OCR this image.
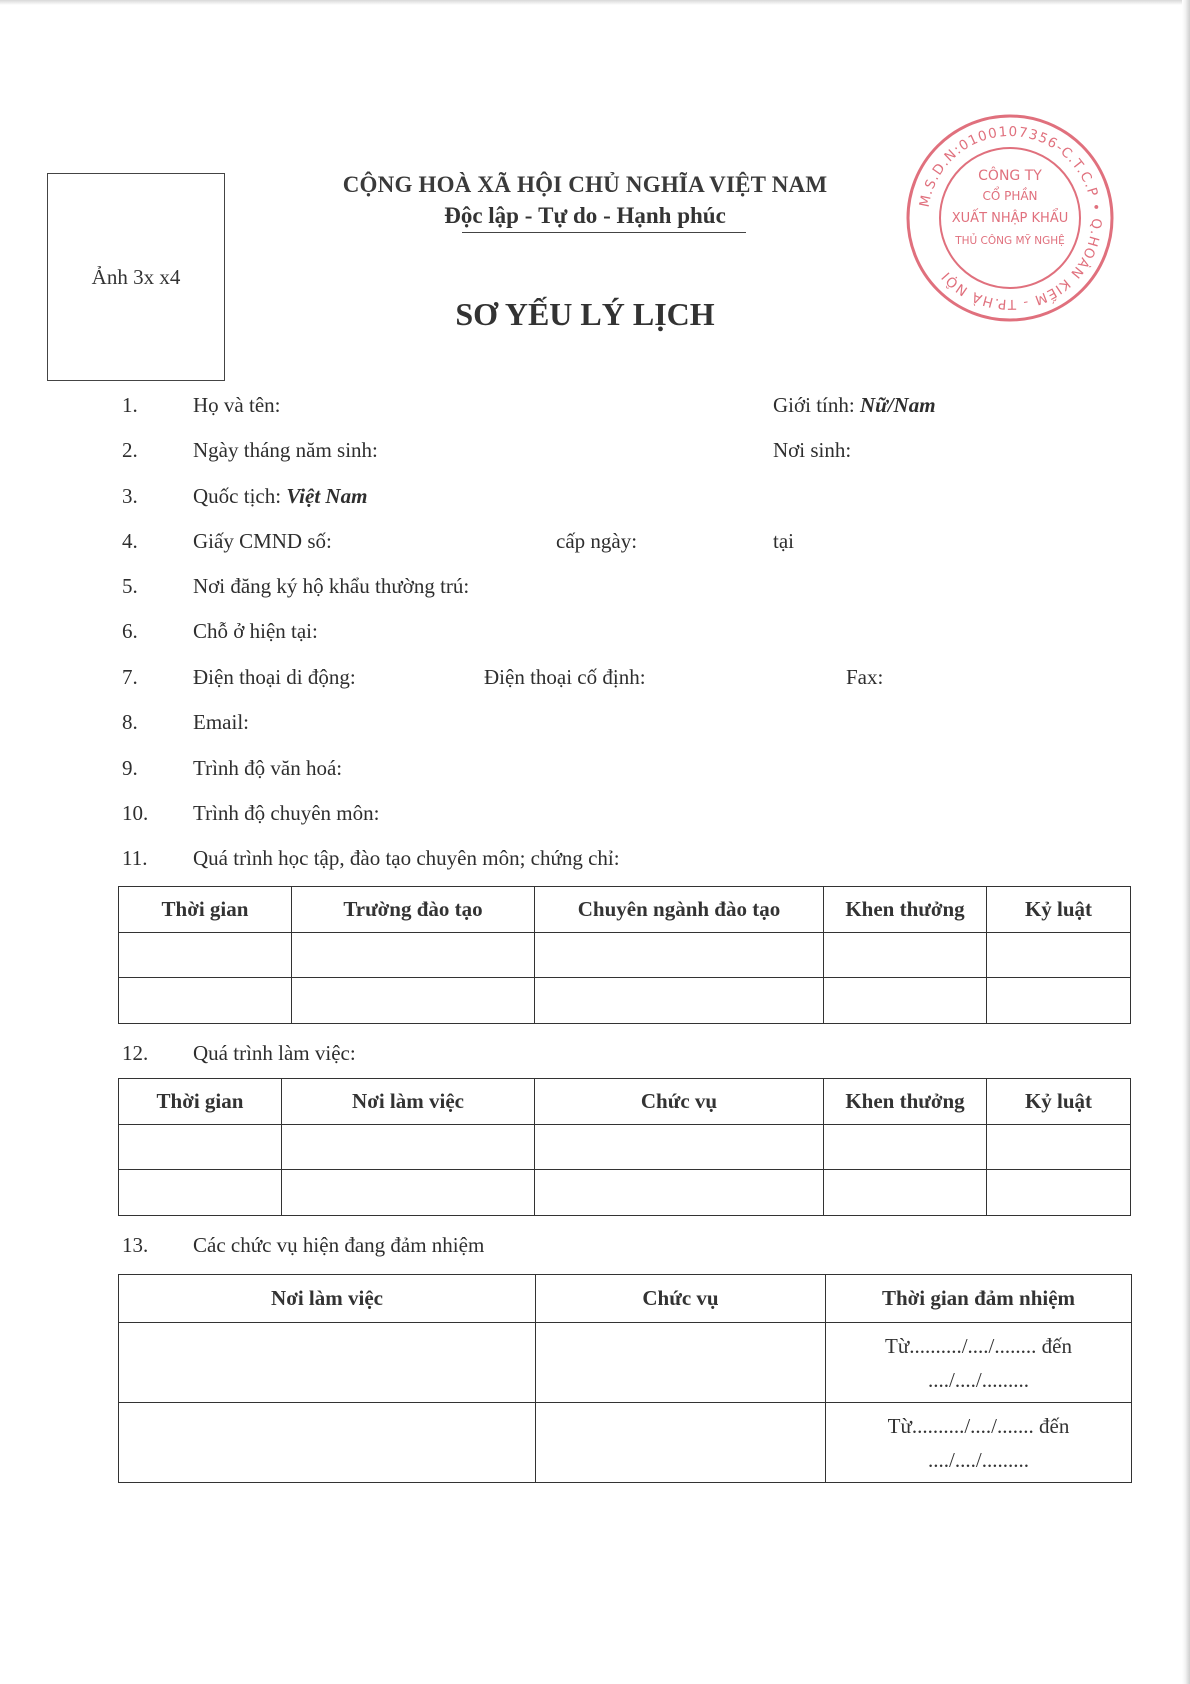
Ảnh 3x x4
CỘNG HOÀ XÃ HỘI CHỦ NGHĨA VIỆT NAM
Độc lập - Tự do - Hạnh phúc
SƠ YẾU LÝ LỊCH
M.S.D.N:0100107356-C.T.C.P • Q.HOÀN KIẾM - TP.HÀ NỘI
CÔNG TY
CỔ PHẦN
XUẤT NHẬP KHẨU
THỦ CÔNG MỸ NGHỆ
1.	Họ và tên:	Giới tính: Nữ/Nam
2.	Ngày tháng năm sinh:	Nơi sinh:
3.	Quốc tịch: Việt Nam
4.	Giấy CMND số:	cấp ngày:	tại
5.	Nơi đăng ký hộ khẩu thường trú:
6.	Chỗ ở hiện tại:
7.	Điện thoại di động:	Điện thoại cố định:	Fax:
8.	Email:
9.	Trình độ văn hoá:
10. Trình độ chuyên môn:
11. Quá trình học tập, đào tạo chuyên môn; chứng chỉ:
Thời gian	Trường đào tạo	Chuyên ngành đào tạo	Khen thưởng	Kỷ luật

12. Quá trình làm việc:
Thời gian	Nơi làm việc	Chức vụ	Khen thưởng	Kỷ luật

13. Các chức vụ hiện đang đảm nhiệm
Nơi làm việc	Chức vụ	Thời gian đảm nhiệm

		Từ........../..../........ đến
..../..../.........

		Từ........../..../....... đến
..../..../.........
